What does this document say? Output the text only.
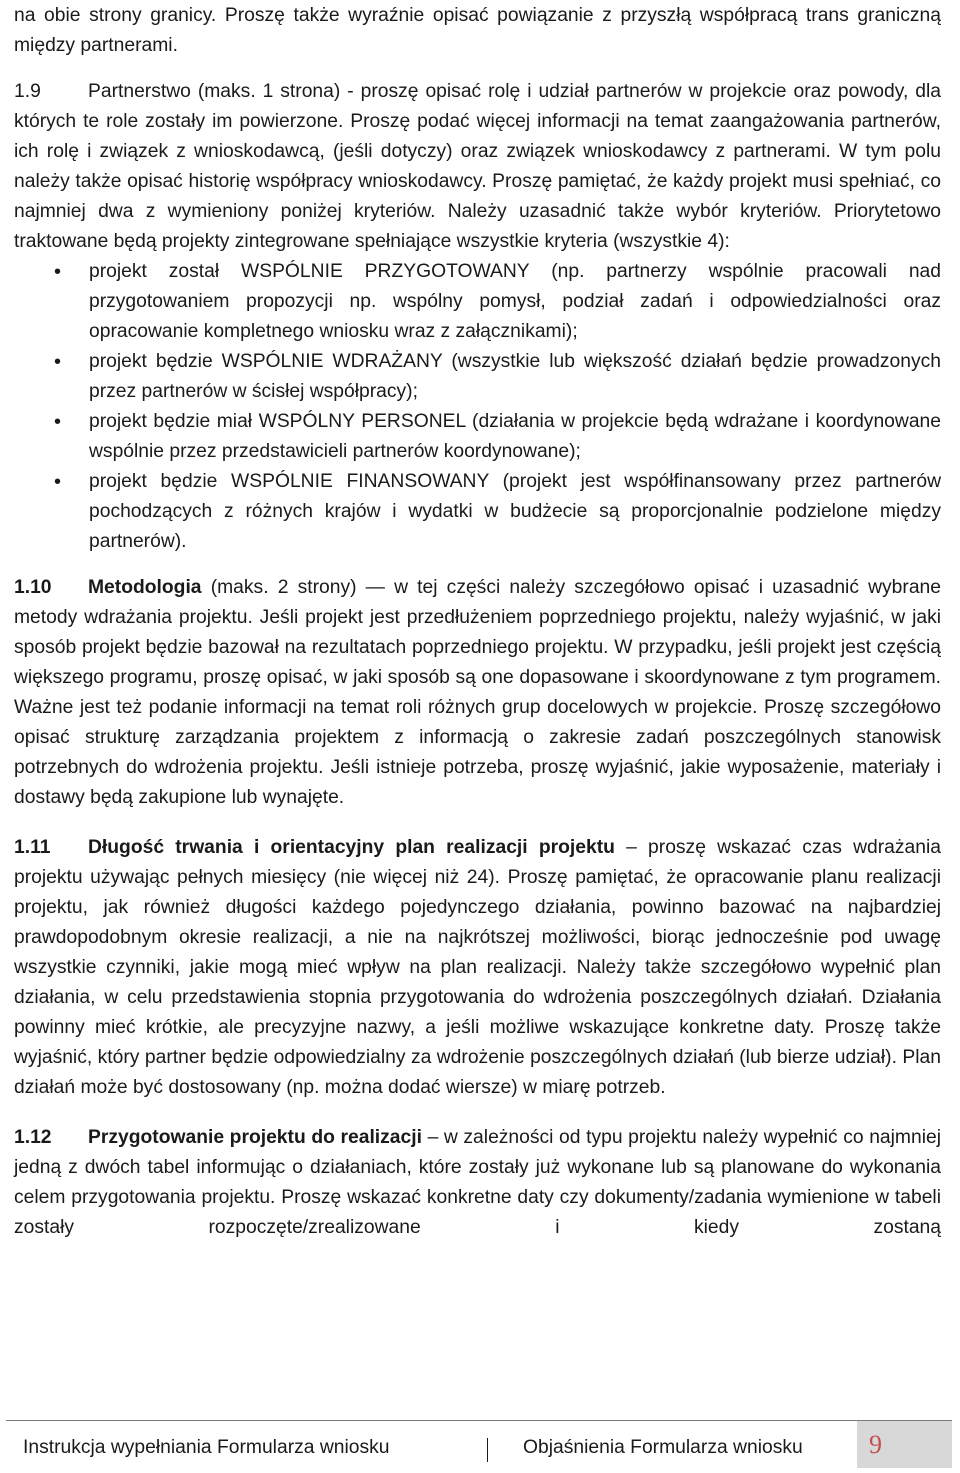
na obie strony granicy. Proszę także wyraźnie opisać powiązanie z przyszłą współpracą trans graniczną między partnerami.

1.9 Partnerstwo (maks. 1 strona) - proszę opisać rolę i udział partnerów w projekcie oraz powody, dla których te role zostały im powierzone. Proszę podać więcej informacji na temat zaangażowania partnerów, ich rolę i związek z wnioskodawcą, (jeśli dotyczy) oraz związek wnioskodawcy z partnerami. W tym polu należy także opisać historię współpracy wnioskodawcy. Proszę pamiętać, że każdy projekt musi spełniać, co najmniej dwa z wymieniony poniżej kryteriów. Należy uzasadnić także wybór kryteriów. Priorytetowo traktowane będą projekty zintegrowane spełniające wszystkie kryteria (wszystkie 4):

• projekt został WSPÓLNIE PRZYGOTOWANY (np. partnerzy wspólnie pracowali nad przygotowaniem propozycji np. wspólny pomysł, podział zadań i odpowiedzialności oraz opracowanie kompletnego wniosku wraz z załącznikami);
• projekt będzie WSPÓLNIE WDRAŻANY (wszystkie lub większość działań będzie prowadzonych przez partnerów w ścisłej współpracy);
• projekt będzie miał WSPÓLNY PERSONEL (działania w projekcie będą wdrażane i koordynowane wspólnie przez przedstawicieli partnerów koordynowane);
• projekt będzie WSPÓLNIE FINANSOWANY (projekt jest współfinansowany przez partnerów pochodzących z różnych krajów i wydatki w budżecie są proporcjonalnie podzielone między partnerów).

1.10 Metodologia (maks. 2 strony) — w tej części należy szczegółowo opisać i uzasadnić wybrane metody wdrażania projektu. Jeśli projekt jest przedłużeniem poprzedniego projektu, należy wyjaśnić, w jaki sposób projekt będzie bazował na rezultatach poprzedniego projektu. W przypadku, jeśli projekt jest częścią większego programu, proszę opisać, w jaki sposób są one dopasowane i skoordynowane z tym programem. Ważne jest też podanie informacji na temat roli różnych grup docelowych w projekcie. Proszę szczegółowo opisać strukturę zarządzania projektem z informacją o zakresie zadań poszczególnych stanowisk potrzebnych do wdrożenia projektu. Jeśli istnieje potrzeba, proszę wyjaśnić, jakie wyposażenie, materiały i dostawy będą zakupione lub wynajęte.

1.11 Długość trwania i orientacyjny plan realizacji projektu – proszę wskazać czas wdrażania projektu używając pełnych miesięcy (nie więcej niż 24). Proszę pamiętać, że opracowanie planu realizacji projektu, jak również długości każdego pojedynczego działania, powinno bazować na najbardziej prawdopodobnym okresie realizacji, a nie na najkrótszej możliwości, biorąc jednocześnie pod uwagę wszystkie czynniki, jakie mogą mieć wpływ na plan realizacji. Należy także szczegółowo wypełnić plan działania, w celu przedstawienia stopnia przygotowania do wdrożenia poszczególnych działań. Działania powinny mieć krótkie, ale precyzyjne nazwy, a jeśli możliwe wskazujące konkretne daty. Proszę także wyjaśnić, który partner będzie odpowiedzialny za wdrożenie poszczególnych działań (lub bierze udział). Plan działań może być dostosowany (np. można dodać wiersze) w miarę potrzeb.

1.12 Przygotowanie projektu do realizacji – w zależności od typu projektu należy wypełnić co najmniej jedną z dwóch tabel informując o działaniach, które zostały już wykonane lub są planowane do wykonania celem przygotowania projektu. Proszę wskazać konkretne daty czy dokumenty/zadania wymienione w tabeli zostały rozpoczęte/zrealizowane i kiedy zostaną

Instrukcja wypełniania Formularza wniosku	Objaśnienia Formularza wniosku	9
